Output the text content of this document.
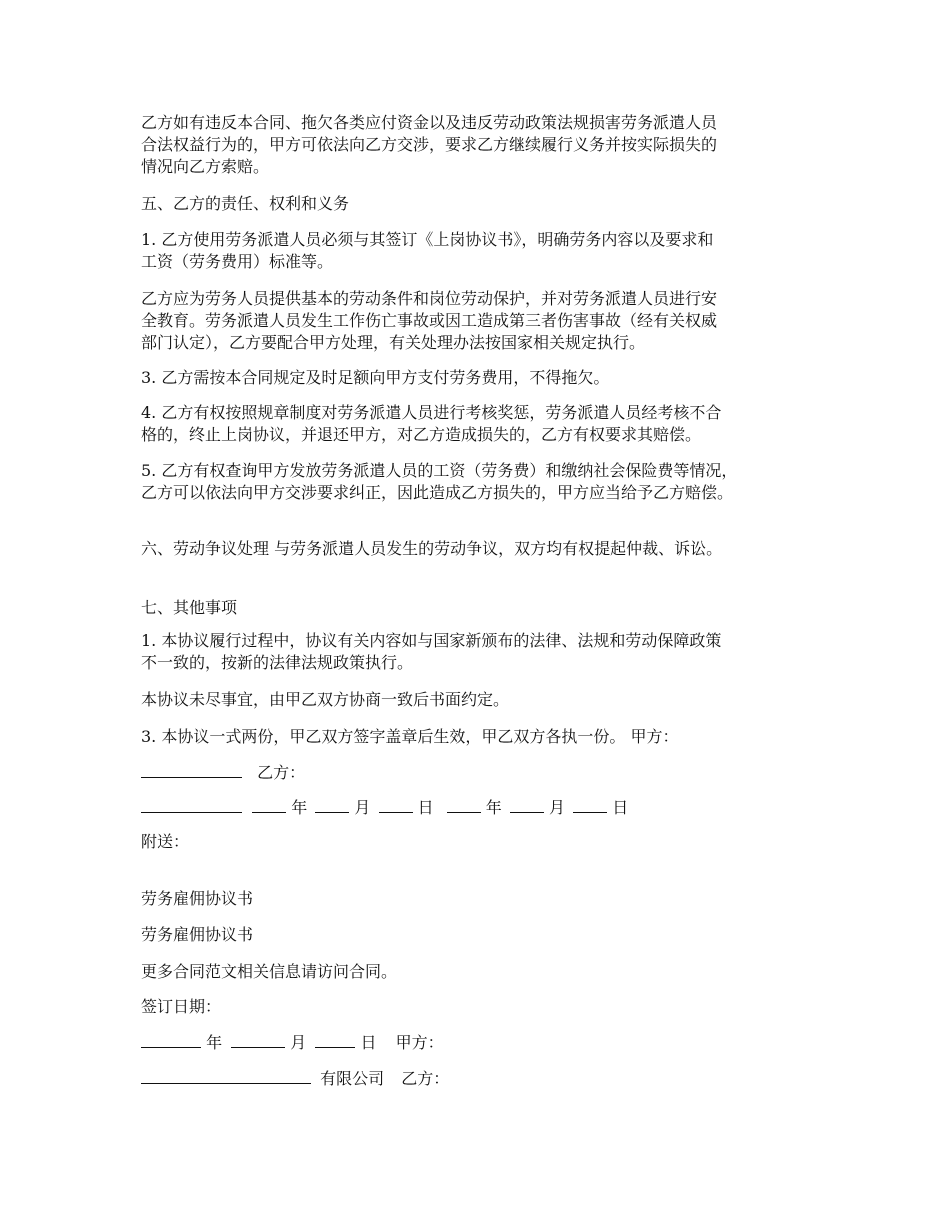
乙方如有违反本合同、拖欠各类应付资金以及违反劳动政策法规损害劳务派遣人员

合法权益行为的，甲方可依法向乙方交涉，要求乙方继续履行义务并按实际损失的

情况向乙方索赔。

五、乙方的责任、权利和义务

1. 乙方使用劳务派遣人员必须与其签订《上岗协议书》，明确劳务内容以及要求和

工资（劳务费用）标准等。

乙方应为劳务人员提供基本的劳动条件和岗位劳动保护，并对劳务派遣人员进行安

全教育。劳务派遣人员发生工作伤亡事故或因工造成第三者伤害事故（经有关权威

部门认定），乙方要配合甲方处理，有关处理办法按国家相关规定执行。

3. 乙方需按本合同规定及时足额向甲方支付劳务费用，不得拖欠。

4. 乙方有权按照规章制度对劳务派遣人员进行考核奖惩，劳务派遣人员经考核不合

格的，终止上岗协议，并退还甲方，对乙方造成损失的，乙方有权要求其赔偿。

5. 乙方有权查询甲方发放劳务派遣人员的工资（劳务费）和缴纳社会保险费等情况，

乙方可以依法向甲方交涉要求纠正，因此造成乙方损失的，甲方应当给予乙方赔偿。

六、劳动争议处理 与劳务派遣人员发生的劳动争议，双方均有权提起仲裁、诉讼。

七、其他事项

1. 本协议履行过程中，协议有关内容如与国家新颁布的法律、法规和劳动保障政策

不一致的，按新的法律法规政策执行。

本协议未尽事宜，由甲乙双方协商一致后书面约定。

3. 本协议一式两份，甲乙双方签字盖章后生效，甲乙双方各执一份。 甲方：

乙方：

年	月	日	年	月	日

附送：

劳务雇佣协议书

劳务雇佣协议书

更多合同范文相关信息请访问合同。

签订日期：

年	月	日 甲方：

有限公司 乙方：
